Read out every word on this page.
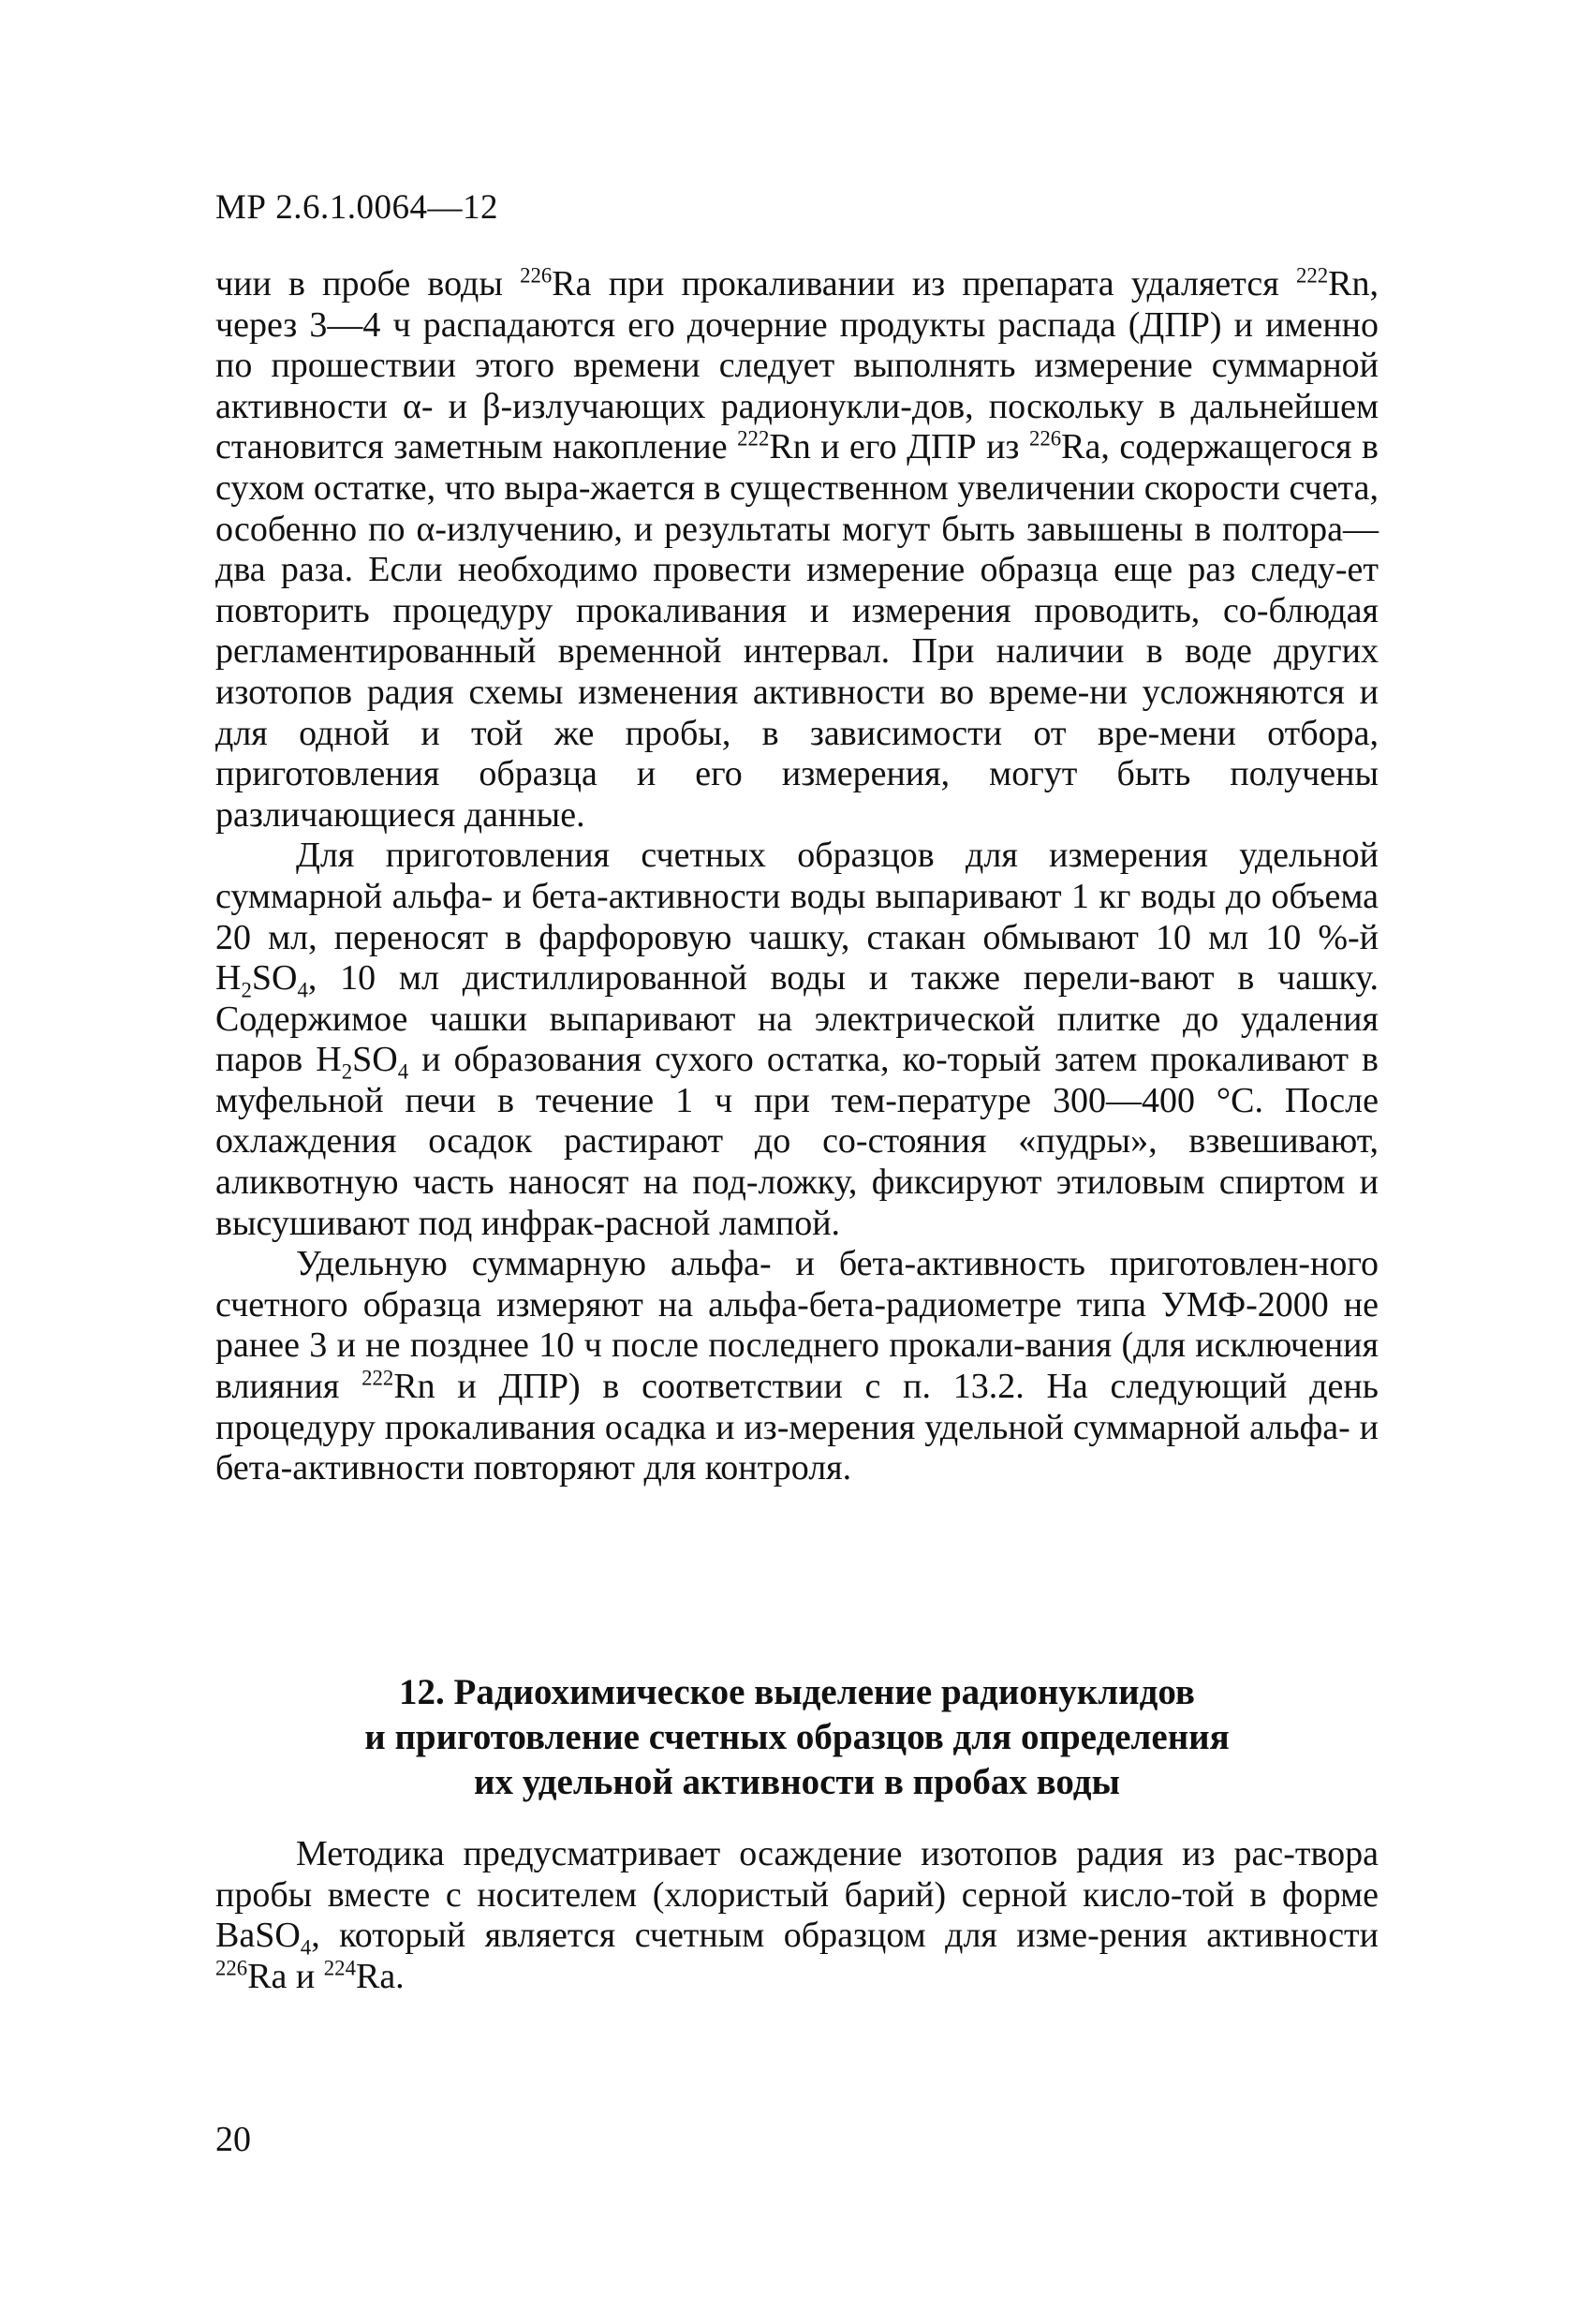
МР 2.6.1.0064—12

чии в пробе воды $^{226}$Ra при прокаливании из препарата удаляется $^{222}$Rn, через 3—4 ч распадаются его дочерние продукты распада (ДПР) и именно по прошествии этого времени следует выполнять измерение суммарной активности α- и β-излучающих радионукли-дов, поскольку в дальнейшем становится заметным накопление $^{222}$Rn и его ДПР из $^{226}$Ra, содержащегося в сухом остатке, что выра-жается в существенном увеличении скорости счета, особенно по α-излучению, и результаты могут быть завышены в полтора—два раза. Если необходимо провести измерение образца еще раз следу-ет повторить процедуру прокаливания и измерения проводить, со-блюдая регламентированный временной интервал. При наличии в воде других изотопов радия схемы изменения активности во време-ни усложняются и для одной и той же пробы, в зависимости от вре-мени отбора, приготовления образца и его измерения, могут быть получены различающиеся данные.

Для приготовления счетных образцов для измерения удельной суммарной альфа- и бета-активности воды выпаривают 1 кг воды до объема 20 мл, переносят в фарфоровую чашку, стакан обмывают 10 мл 10 %-й $H_2SO_4$, 10 мл дистиллированной воды и также перели-вают в чашку. Содержимое чашки выпаривают на электрической плитке до удаления паров $H_2SO_4$ и образования сухого остатка, ко-торый затем прокаливают в муфельной печи в течение 1 ч при тем-пературе 300—400 °С. После охлаждения осадок растирают до со-стояния «пудры», взвешивают, аликвотную часть наносят на под-ложку, фиксируют этиловым спиртом и высушивают под инфрак-расной лампой.

Удельную суммарную альфа- и бета-активность приготовлен-ного счетного образца измеряют на альфа-бета-радиометре типа УМФ-2000 не ранее 3 и не позднее 10 ч после последнего прокали-вания (для исключения влияния $^{222}$Rn и ДПР) в соответствии с п. 13.2. На следующий день процедуру прокаливания осадка и из-мерения удельной суммарной альфа- и бета-активности повторяют для контроля.

12. Радиохимическое выделение радионуклидов
и приготовление счетных образцов для определения
их удельной активности в пробах воды

Методика предусматривает осаждение изотопов радия из рас-твора пробы вместе с носителем (хлористый барий) серной кисло-той в форме BaSO$_4$, который является счетным образцом для изме-рения активности $^{226}$Ra и $^{224}$Ra.

20
